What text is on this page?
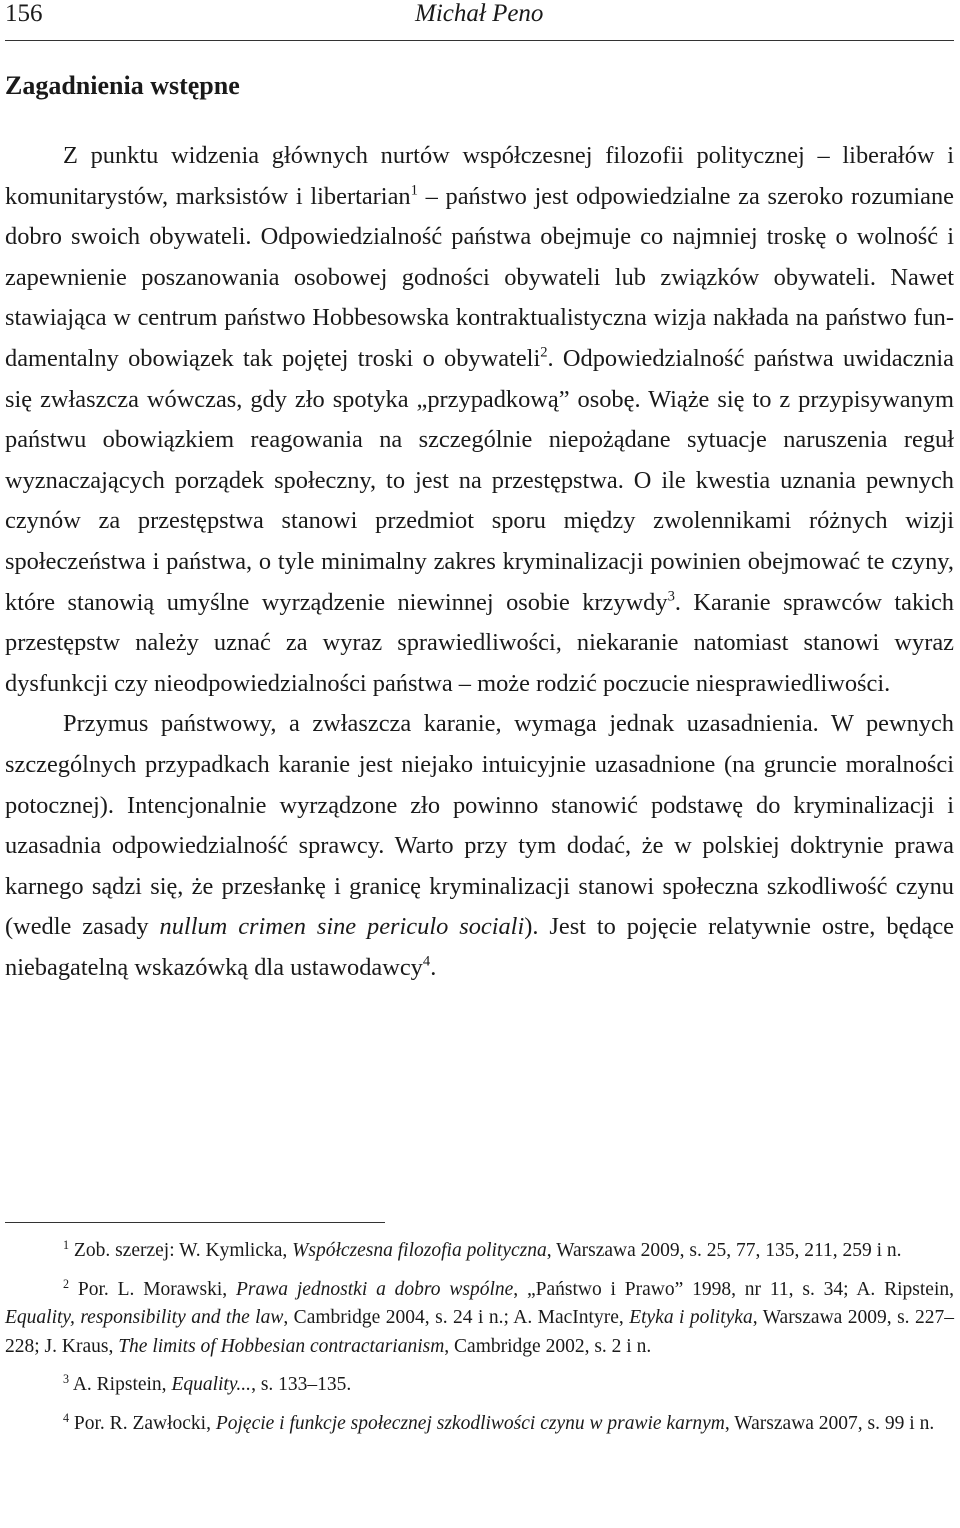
156	Michał Peno
Zagadnienia wstępne

Z punktu widzenia głównych nurtów współczesnej filozofii politycznej – liberałów i komunitarystów, marksistów i libertarian$^1$ – państwo jest odpowiedzialne za szeroko rozumiane dobro swoich obywateli. Odpowiedzialność państwa obejmuje co najmniej troskę o wolność i zapewnienie poszanowania osobowej godności obywateli lub związków obywateli. Nawet stawiająca w centrum państwo Hobbesowska kontraktualistyczna wizja nakłada na państwo fundamentalny obowiązek tak pojętej troski o obywateli$^2$. Odpowiedzialność państwa uwidacznia się zwłaszcza wówczas, gdy zło spotyka „przypadkową” osobę. Wiąże się to z przypisywanym państwu obowiązkiem reagowania na szczególnie niepożądane sytuacje naruszenia reguł wyznaczających porządek społeczny, to jest na przestępstwa. O ile kwestia uznania pewnych czynów za przestępstwa stanowi przedmiot sporu między zwolennikami różnych wizji społeczeństwa i państwa, o tyle minimalny zakres kryminalizacji powinien obejmować te czyny, które stanowią umyślne wyrządzenie niewinnej osobie krzywdy$^3$. Karanie sprawców takich przestępstw należy uznać za wyraz sprawiedliwości, niekaranie natomiast stanowi wyraz dysfunkcji czy nieodpowiedzialności państwa – może rodzić poczucie niesprawiedliwości.

Przymus państwowy, a zwłaszcza karanie, wymaga jednak uzasadnienia. W pewnych szczególnych przypadkach karanie jest niejako intuicyjnie uzasadnione (na gruncie moralności potocznej). Intencjonalnie wyrządzone zło powinno stanowić podstawę do kryminalizacji i uzasadnia odpowiedzialność sprawcy. Warto przy tym dodać, że w polskiej doktrynie prawa karnego sądzi się, że przesłankę i granicę kryminalizacji stanowi społeczna szkodliwość czynu (wedle zasady nullum crimen sine periculo sociali). Jest to pojęcie relatywnie ostre, będące niebagatelną wskazówką dla ustawodawcy$^4$.

$^1$ Zob. szerzej: W. Kymlicka, Współczesna filozofia polityczna, Warszawa 2009, s. 25, 77, 135, 211, 259 i n.

$^2$ Por. L. Morawski, Prawa jednostki a dobro wspólne, „Państwo i Prawo” 1998, nr 11, s. 34; A. Ripstein, Equality, responsibility and the law, Cambridge 2004, s. 24 i n.; A. MacIntyre, Etyka i polityka, Warszawa 2009, s. 227–228; J. Kraus, The limits of Hobbesian contractarianism, Cambridge 2002, s. 2 i n.

$^3$ A. Ripstein, Equality..., s. 133–135.

$^4$ Por. R. Zawłocki, Pojęcie i funkcje społecznej szkodliwości czynu w prawie karnym, Warszawa 2007, s. 99 i n.
